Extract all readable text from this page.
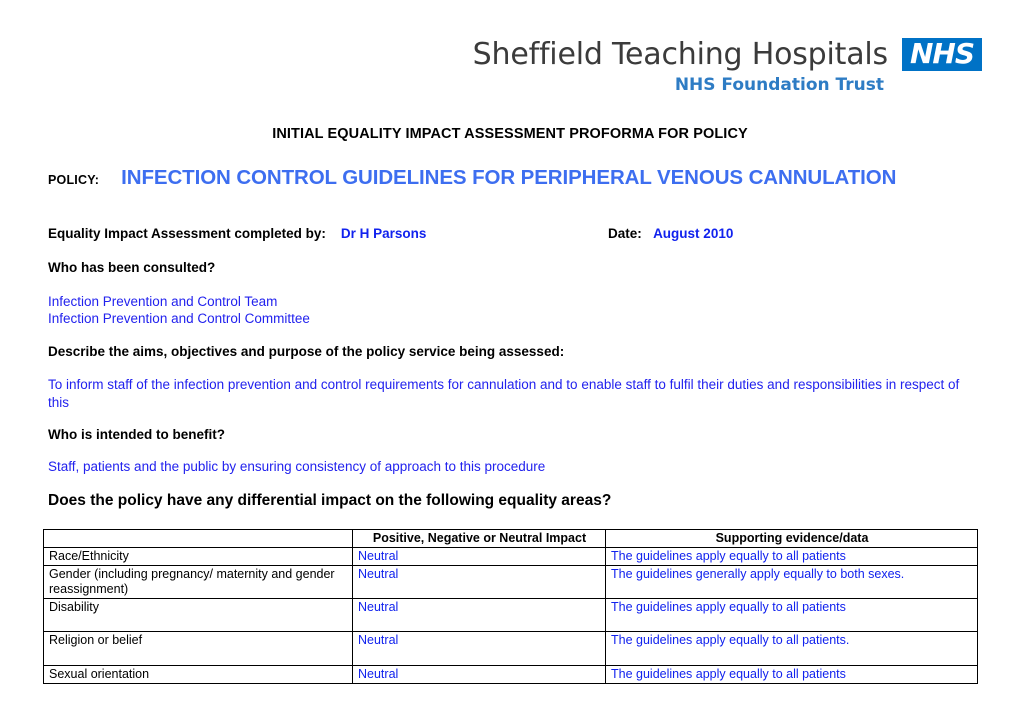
Sheffield Teaching Hospitals NHS
NHS Foundation Trust
INITIAL EQUALITY IMPACT ASSESSMENT PROFORMA FOR POLICY
POLICY: INFECTION CONTROL GUIDELINES FOR PERIPHERAL VENOUS CANNULATION
Equality Impact Assessment completed by: Dr H Parsons	Date: August 2010
Who has been consulted?
Infection Prevention and Control Team
Infection Prevention and Control Committee
Describe the aims, objectives and purpose of the policy service being assessed:
To inform staff of the infection prevention and control requirements for cannulation and to enable staff to fulfil their duties and responsibilities in respect of this
Who is intended to benefit?
Staff, patients and the public by ensuring consistency of approach to this procedure
Does the policy have any differential impact on the following equality areas?
	Positive, Negative or Neutral Impact	Supporting evidence/data
Race/Ethnicity	Neutral	The guidelines apply equally to all patients
Gender (including pregnancy/ maternity and gender reassignment)	Neutral	The guidelines generally apply equally to both sexes.
Disability	Neutral	The guidelines apply equally to all patients
Religion or belief	Neutral	The guidelines apply equally to all patients.
Sexual orientation	Neutral	The guidelines apply equally to all patients
